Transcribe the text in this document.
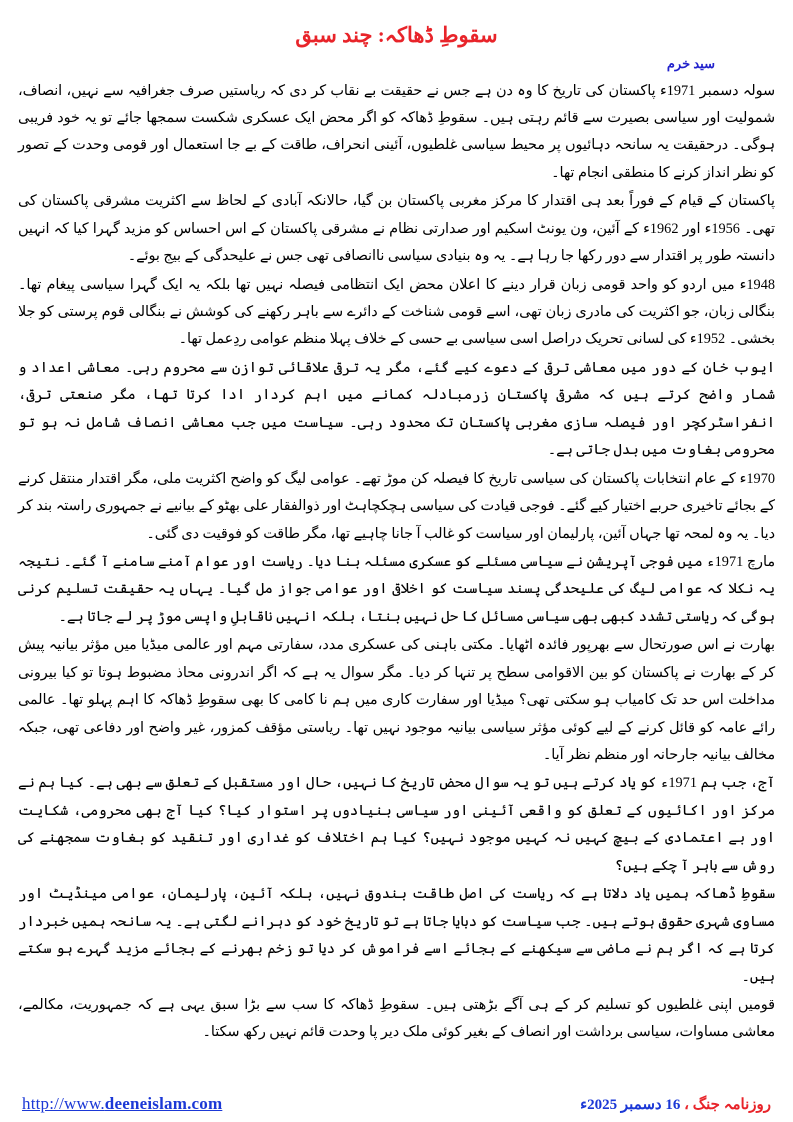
سقوطِ ڈھاکہ: چند سبق
سید خرم

سولہ دسمبر 1971ء پاکستان کی تاریخ کا وہ دن ہے جس نے حقیقت بے نقاب کر دی کہ ریاستیں صرف جغرافیہ سے نہیں، انصاف، شمولیت اور سیاسی بصیرت سے قائم رہتی ہیں۔ سقوطِ ڈھاکہ کو اگر محض ایک عسکری شکست سمجھا جائے تو یہ خود فریبی ہوگی۔ درحقیقت یہ سانحہ دہائیوں پر محیط سیاسی غلطیوں، آئینی انحراف، طاقت کے بے جا استعمال اور قومی وحدت کے تصور کو نظر انداز کرنے کا منطقی انجام تھا۔

پاکستان کے قیام کے فوراً بعد ہی اقتدار کا مرکز مغربی پاکستان بن گیا، حالانکہ آبادی کے لحاظ سے اکثریت مشرقی پاکستان کی تھی۔ 1956ء اور 1962ء کے آئین، ون یونٹ اسکیم اور صدارتی نظام نے مشرقی پاکستان کے اس احساس کو مزید گہرا کیا کہ انہیں دانستہ طور پر اقتدار سے دور رکھا جا رہا ہے۔ یہ وہ بنیادی سیاسی ناانصافی تھی جس نے علیحدگی کے بیج بوئے۔

1948ء میں اردو کو واحد قومی زبان قرار دینے کا اعلان محض ایک انتظامی فیصلہ نہیں تھا بلکہ یہ ایک گہرا سیاسی پیغام تھا۔ بنگالی زبان، جو اکثریت کی مادری زبان تھی، اسے قومی شناخت کے دائرے سے باہر رکھنے کی کوشش نے بنگالی قوم پرستی کو جلا بخشی۔ 1952ء کی لسانی تحریک دراصل اسی سیاسی بے حسی کے خلاف پہلا منظم عوامی ردِعمل تھا۔

ایوب خان کے دور میں معاشی ترقی کے دعوے کیے گئے، مگر یہ ترقی علاقائی توازن سے محروم رہی۔ معاشی اعداد و شمار واضح کرتے ہیں کہ مشرقی پاکستان زرمبادلہ کمانے میں اہم کردار ادا کرتا تھا، مگر صنعتی ترقی، انفراسٹرکچر اور فیصلہ سازی مغربی پاکستان تک محدود رہی۔ سیاست میں جب معاشی انصاف شامل نہ ہو تو محرومی بغاوت میں بدل جاتی ہے۔

1970ء کے عام انتخابات پاکستان کی سیاسی تاریخ کا فیصلہ کن موڑ تھے۔ عوامی لیگ کو واضح اکثریت ملی، مگر اقتدار منتقل کرنے کے بجائے تاخیری حربے اختیار کیے گئے۔ فوجی قیادت کی سیاسی ہچکچاہٹ اور ذوالفقار علی بھٹو کے بیانیے نے جمہوری راستہ بند کر دیا۔ یہ وہ لمحہ تھا جہاں آئین، پارلیمان اور سیاست کو غالب آ جانا چاہیے تھا، مگر طاقت کو فوقیت دی گئی۔

مارچ 1971ء میں فوجی آپریشن نے سیاسی مسئلے کو عسکری مسئلہ بنا دیا۔ ریاست اور عوام آمنے سامنے آ گئے۔ نتیجہ یہ نکلا کہ عوامی لیگ کی علیحدگی پسند سیاست کو اخلاقی اور عوامی جواز مل گیا۔ یہاں یہ حقیقت تسلیم کرنی ہوگی کہ ریاستی تشدد کبھی بھی سیاسی مسائل کا حل نہیں بنتا، بلکہ انہیں ناقابلِ واپسی موڑ پر لے جاتا ہے۔

بھارت نے اس صورتحال سے بھرپور فائدہ اٹھایا۔ مکتی باہنی کی عسکری مدد، سفارتی مہم اور عالمی میڈیا میں مؤثر بیانیہ پیش کر کے بھارت نے پاکستان کو بین الاقوامی سطح پر تنہا کر دیا۔ مگر سوال یہ ہے کہ اگر اندرونی محاذ مضبوط ہوتا تو کیا بیرونی مداخلت اس حد تک کامیاب ہو سکتی تھی؟ میڈیا اور سفارت کاری میں ہم نا کامی کا بھی سقوطِ ڈھاکہ کا اہم پہلو تھا۔ عالمی رائے عامہ کو قائل کرنے کے لیے کوئی مؤثر سیاسی بیانیہ موجود نہیں تھا۔ ریاستی مؤقف کمزور، غیر واضح اور دفاعی تھی، جبکہ مخالف بیانیہ جارحانہ اور منظم نظر آیا۔

آج، جب ہم 1971ء کو یاد کرتے ہیں تو یہ سوال محض تاریخ کا نہیں، حال اور مستقبل کے تعلق سے بھی ہے۔ کیا ہم نے مرکز اور اکائیوں کے تعلق کو واقعی آئینی اور سیاسی بنیادوں پر استوار کیا؟ کیا آج بھی محرومی، شکایت اور بے اعتمادی کے بیچ کہیں نہ کہیں موجود نہیں؟ کیا ہم اختلاف کو غداری اور تنقید کو بغاوت سمجھنے کی روش سے باہر آ چکے ہیں؟

سقوطِ ڈھاکہ ہمیں یاد دلاتا ہے کہ ریاست کی اصل طاقت بندوق نہیں، بلکہ آئین، پارلیمان، عوامی مینڈیٹ اور مساوی شہری حقوق ہوتے ہیں۔ جب سیاست کو دبایا جاتا ہے تو تاریخ خود کو دہرانے لگتی ہے۔ یہ سانحہ ہمیں خبردار کرتا ہے کہ اگر ہم نے ماضی سے سیکھنے کے بجائے اسے فراموش کر دیا تو زخم بھرنے کے بجائے مزید گہرے ہو سکتے ہیں۔

قومیں اپنی غلطیوں کو تسلیم کر کے ہی آگے بڑھتی ہیں۔ سقوطِ ڈھاکہ کا سب سے بڑا سبق یہی ہے کہ جمہوریت، مکالمے، معاشی مساوات، سیاسی برداشت اور انصاف کے بغیر کوئی ملک دیر پا وحدت قائم نہیں رکھ سکتا۔

http://www.deeneislam.com	روزنامہ جنگ ، 16 دسمبر 2025ء
